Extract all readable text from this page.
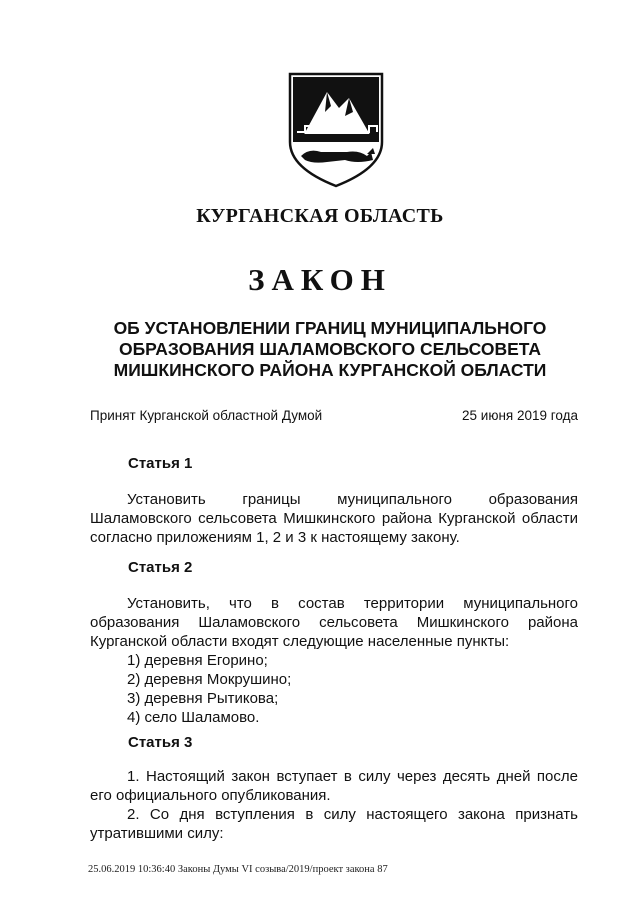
КУРГАНСКАЯ ОБЛАСТЬ
ЗАКОН
ОБ УСТАНОВЛЕНИИ ГРАНИЦ МУНИЦИПАЛЬНОГО
ОБРАЗОВАНИЯ ШАЛАМОВСКОГО СЕЛЬСОВЕТА
МИШКИНСКОГО РАЙОНА КУРГАНСКОЙ ОБЛАСТИ
Принят Курганской областной Думой	25 июня 2019 года
Статья 1
Установить границы муниципального образования
Шаламовского сельсовета Мишкинского района Курганской области
согласно приложениям 1, 2 и 3 к настоящему закону.
Статья 2
Установить, что в состав территории муниципального
образования Шаламовского сельсовета Мишкинского района
Курганской области входят следующие населенные пункты:
1) деревня Егорино;
2) деревня Мокрушино;
3) деревня Рытикова;
4) село Шаламово.
Статья 3
1. Настоящий закон вступает в силу через десять дней после
его официального опубликования.
2. Со дня вступления в силу настоящего закона признать
утратившими силу:
25.06.2019 10:36:40 Законы Думы VI созыва/2019/проект закона 87
